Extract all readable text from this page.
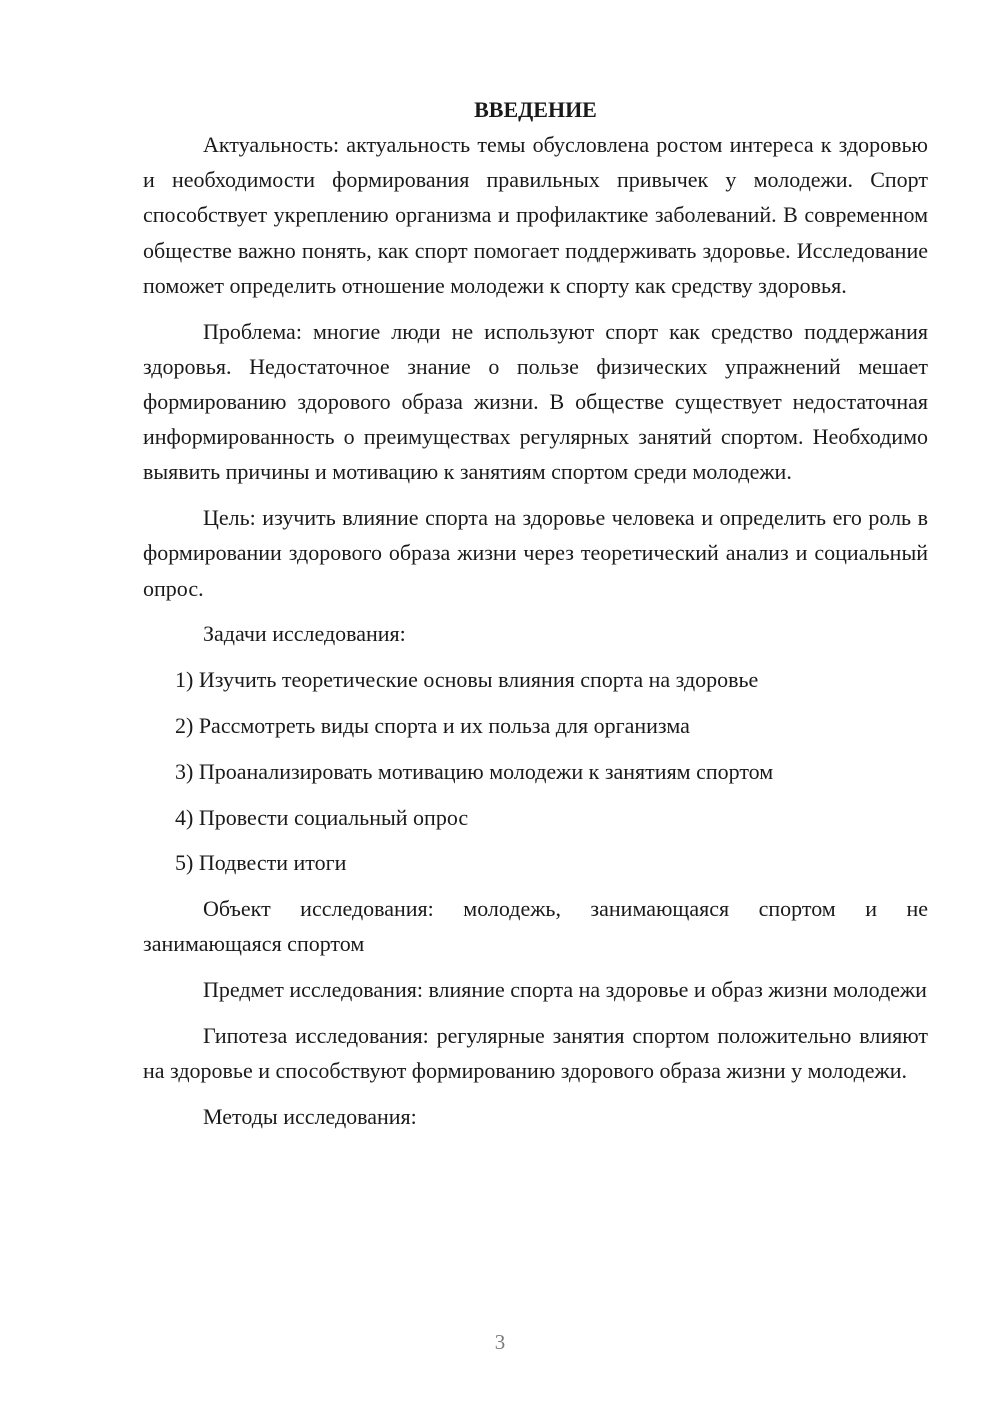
ВВЕДЕНИЕ

Актуальность: актуальность темы обусловлена ростом интереса к здоровью и необходимости формирования правильных привычек у молодежи. Спорт способствует укреплению организма и профилактике заболеваний. В современном обществе важно понять, как спорт помогает поддерживать здоровье. Исследование поможет определить отношение молодежи к спорту как средству здоровья.

Проблема: многие люди не используют спорт как средство поддержания здоровья. Недостаточное знание о пользе физических упражнений мешает формированию здорового образа жизни. В обществе существует недостаточная информированность о преимуществах регулярных занятий спортом. Необходимо выявить причины и мотивацию к занятиям спортом среди молодежи.

Цель: изучить влияние спорта на здоровье человека и определить его роль в формировании здорового образа жизни через теоретический анализ и социальный опрос.

Задачи исследования:

1) Изучить теоретические основы влияния спорта на здоровье
2) Рассмотреть виды спорта и их польза для организма
3) Проанализировать мотивацию молодежи к занятиям спортом
4) Провести социальный опрос
5) Подвести итоги

Объект исследования: молодежь, занимающаяся спортом и не занимающаяся спортом

Предмет исследования: влияние спорта на здоровье и образ жизни молодежи

Гипотеза исследования: регулярные занятия спортом положительно влияют на здоровье и способствуют формированию здорового образа жизни у молодежи.

Методы исследования:

3
